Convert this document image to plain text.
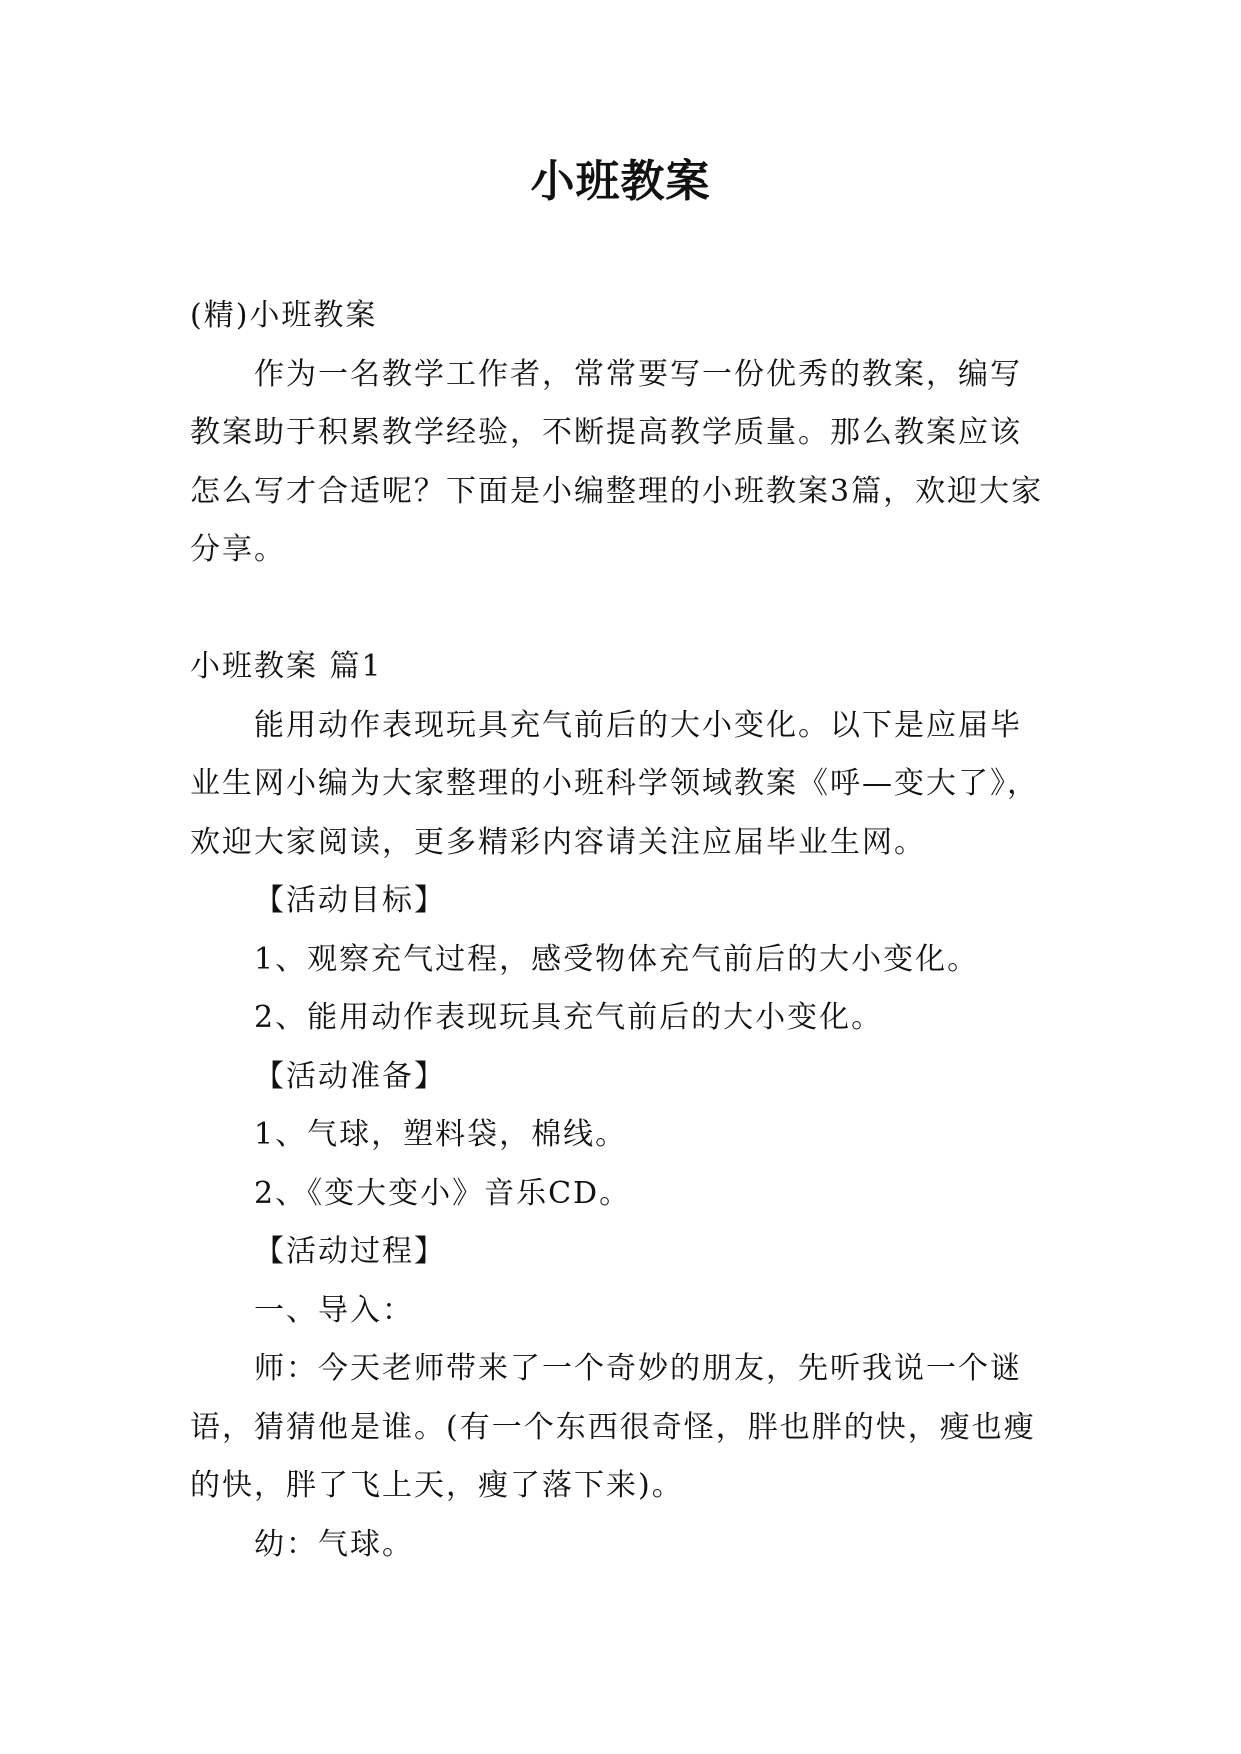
小班教案

(精)小班教案

作为一名教学工作者，常常要写一份优秀的教案，编写教案助于积累教学经验，不断提高教学质量。那么教案应该怎么写才合适呢？下面是小编整理的小班教案3篇，欢迎大家分享。

小班教案 篇1

能用动作表现玩具充气前后的大小变化。以下是应届毕业生网小编为大家整理的小班科学领域教案《呼—变大了》，欢迎大家阅读，更多精彩内容请关注应届毕业生网。

【活动目标】

1、观察充气过程，感受物体充气前后的大小变化。

2、能用动作表现玩具充气前后的大小变化。

【活动准备】

1、气球，塑料袋，棉线。

2、《变大变小》音乐CD。

【活动过程】

一、导入：

师：今天老师带来了一个奇妙的朋友，先听我说一个谜语，猜猜他是谁。(有一个东西很奇怪，胖也胖的快，瘦也瘦的快，胖了飞上天，瘦了落下来)。

幼：气球。
